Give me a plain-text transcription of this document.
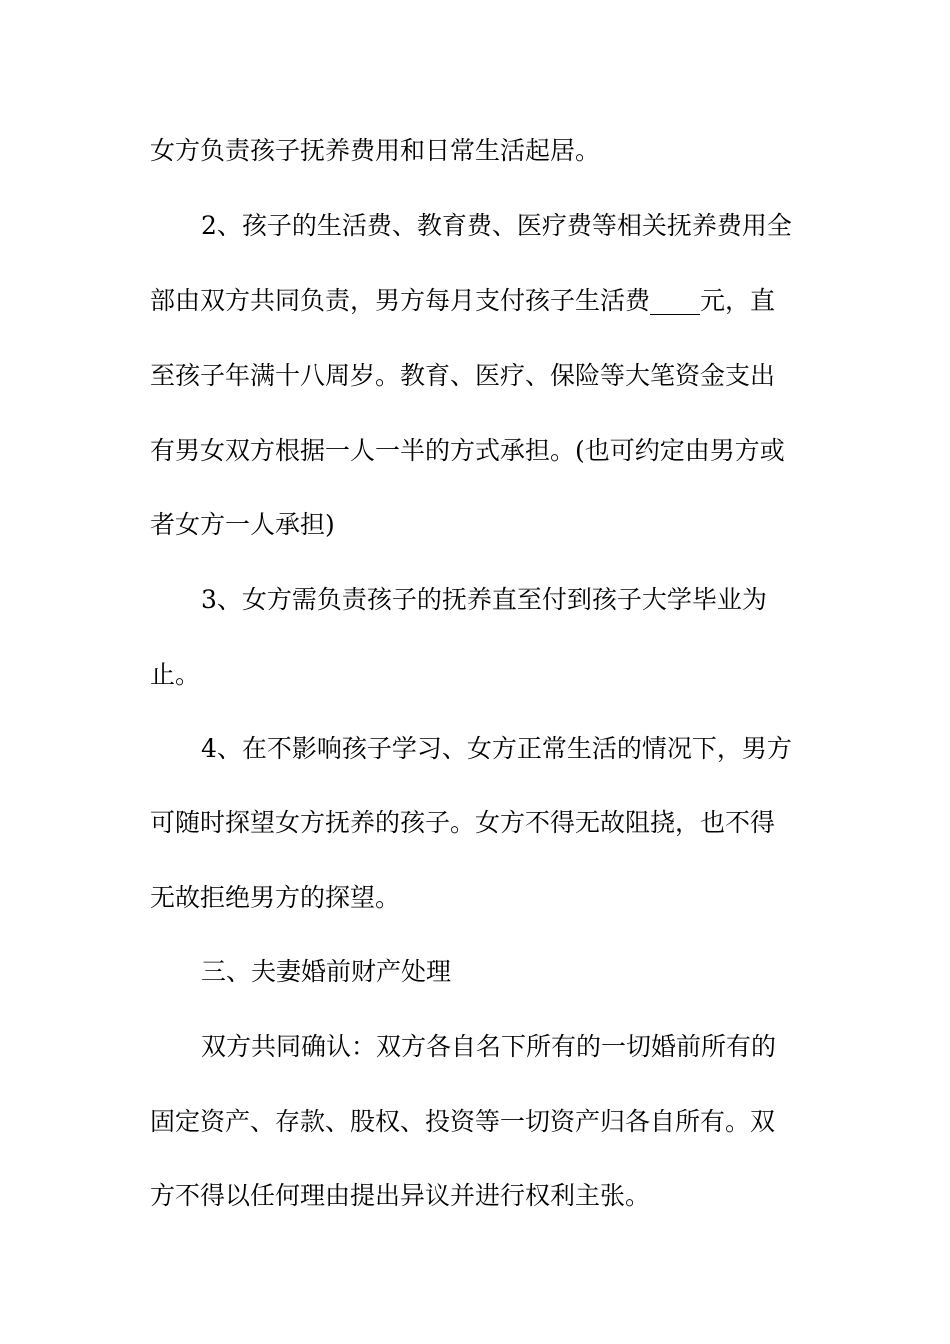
女方负责孩子抚养费用和日常生活起居。

2、孩子的生活费、教育费、医疗费等相关抚养费用全

部由双方共同负责，男方每月支付孩子生活费____元，直

至孩子年满十八周岁。教育、医疗、保险等大笔资金支出

有男女双方根据一人一半的方式承担。(也可约定由男方或

者女方一人承担)

3、女方需负责孩子的抚养直至付到孩子大学毕业为

止。

4、在不影响孩子学习、女方正常生活的情况下，男方

可随时探望女方抚养的孩子。女方不得无故阻挠，也不得

无故拒绝男方的探望。

三、夫妻婚前财产处理

双方共同确认：双方各自名下所有的一切婚前所有的

固定资产、存款、股权、投资等一切资产归各自所有。双

方不得以任何理由提出异议并进行权利主张。
